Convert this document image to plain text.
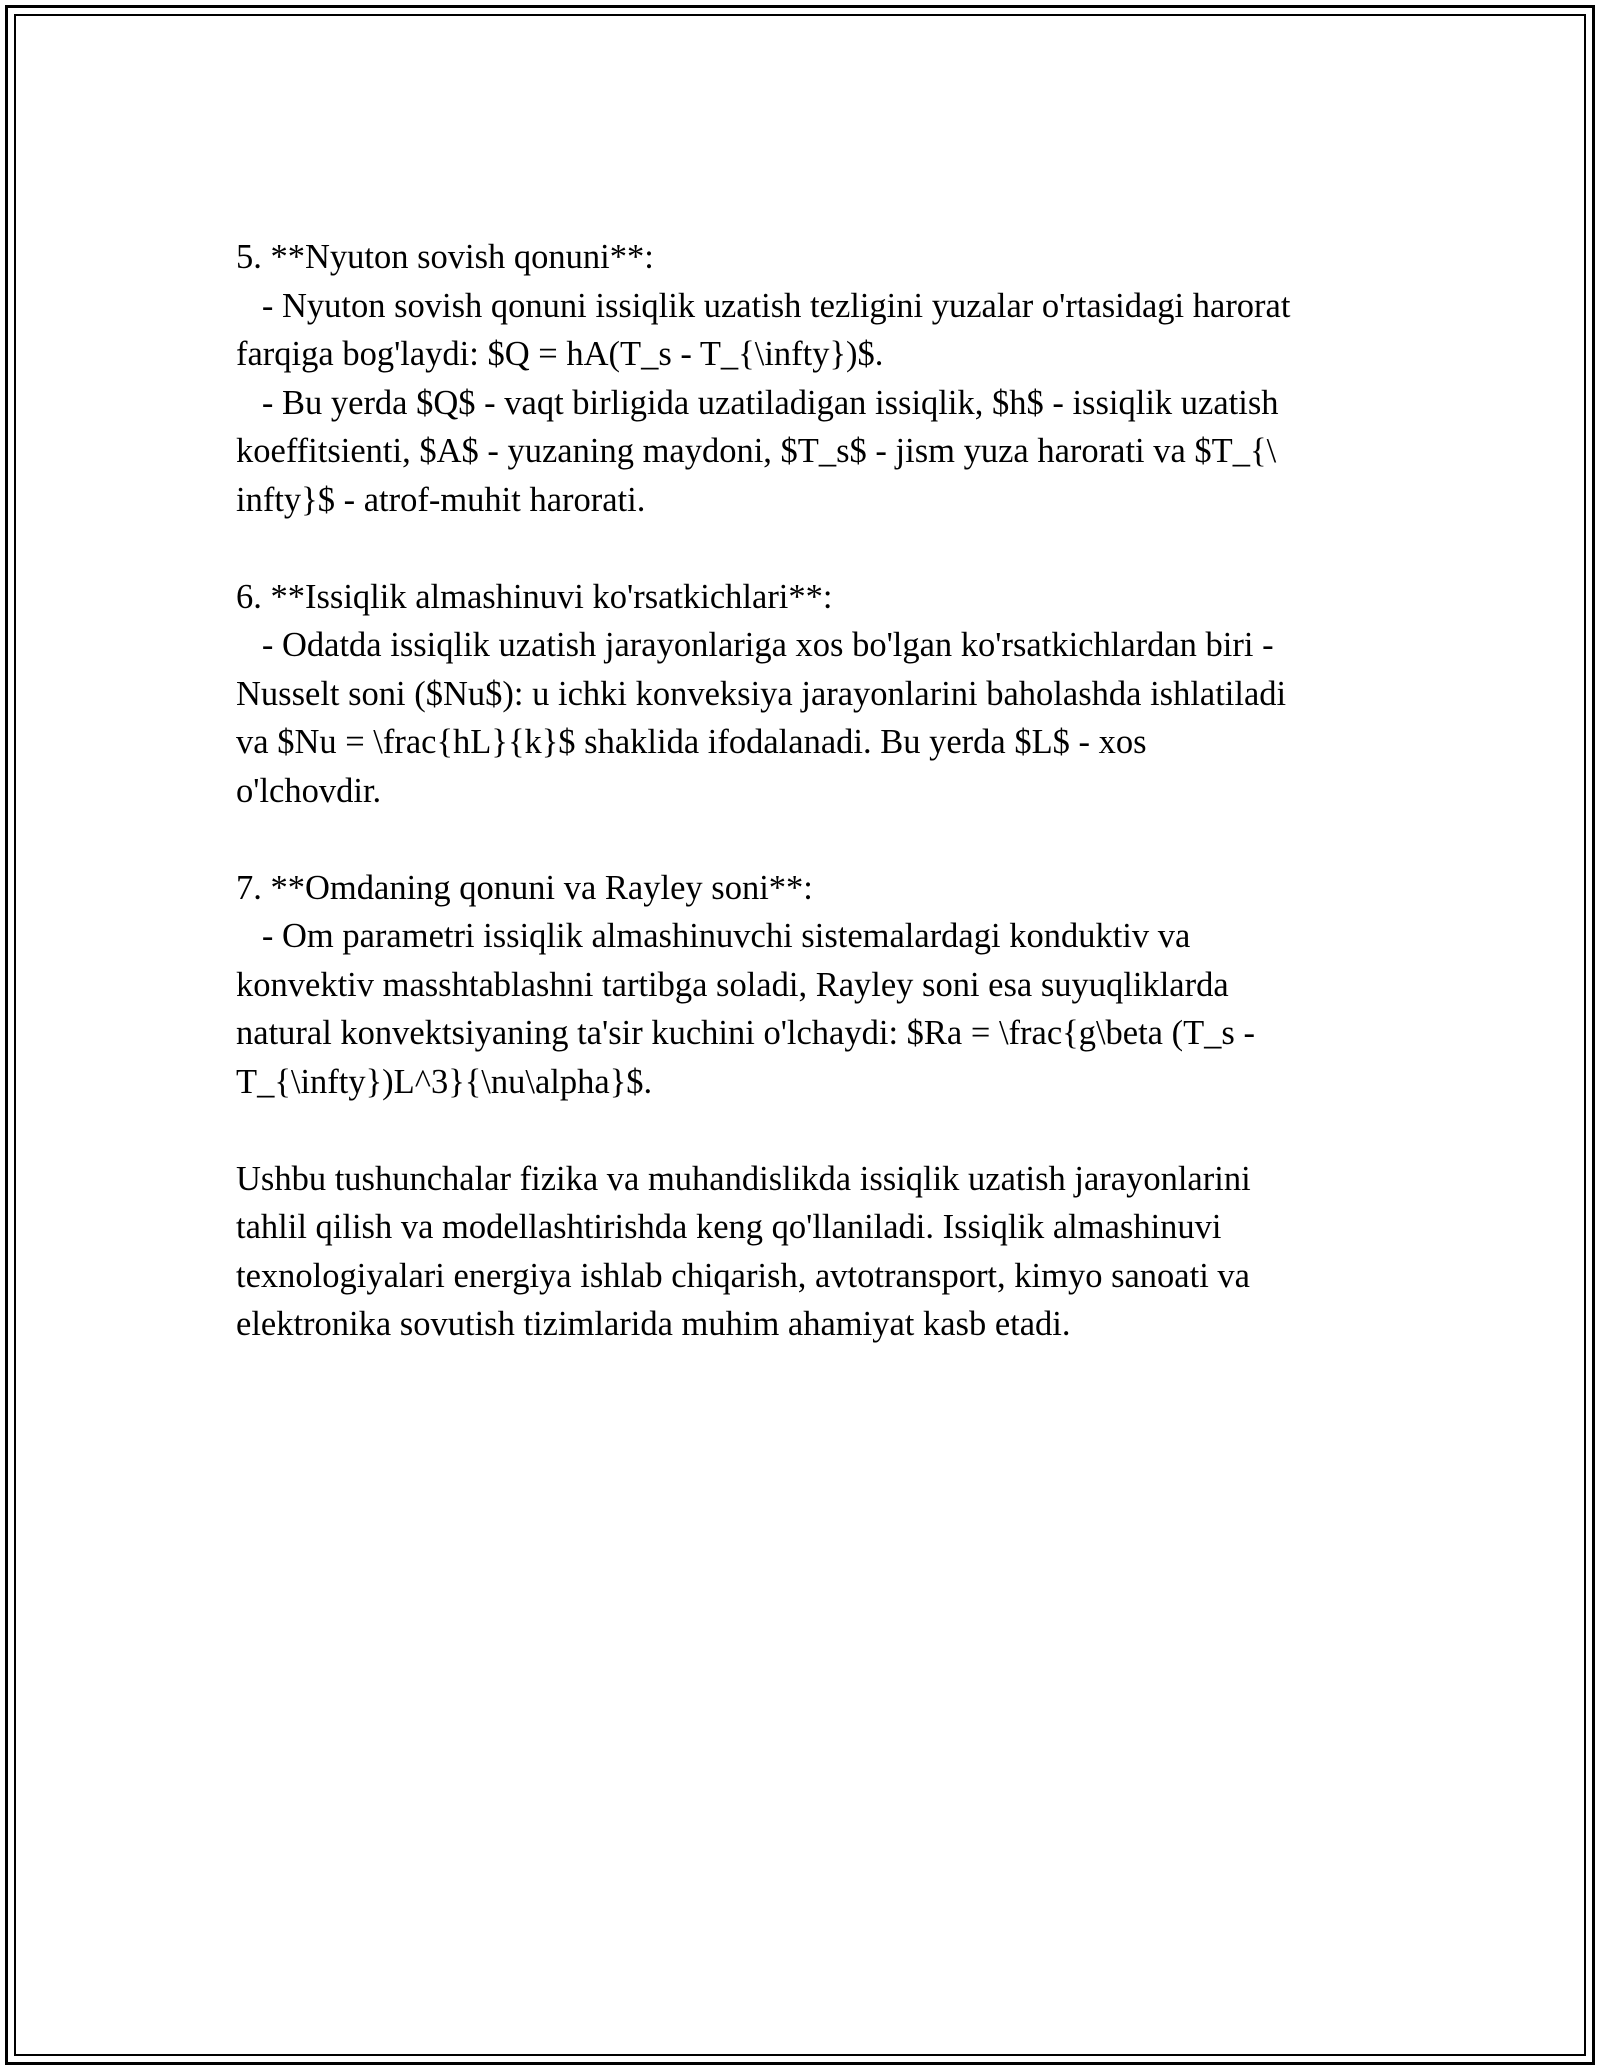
5. **Nyuton sovish qonuni**:
- Nyuton sovish qonuni issiqlik uzatish tezligini yuzalar o'rtasidagi harorat
farqiga bog'laydi: $Q = hA(T_s - T_{\infty})$.
- Bu yerda $Q$ - vaqt birligida uzatiladigan issiqlik, $h$ - issiqlik uzatish
koeffitsienti, $A$ - yuzaning maydoni, $T_s$ - jism yuza harorati va $T_{\
infty}$ - atrof-muhit harorati.
6. **Issiqlik almashinuvi ko'rsatkichlari**:
- Odatda issiqlik uzatish jarayonlariga xos bo'lgan ko'rsatkichlardan biri -
Nusselt soni ($Nu$): u ichki konveksiya jarayonlarini baholashda ishlatiladi
va $Nu = \frac{hL}{k}$ shaklida ifodalanadi. Bu yerda $L$ - xos
o'lchovdir.
7. **Omdaning qonuni va Rayley soni**:
- Om parametri issiqlik almashinuvchi sistemalardagi konduktiv va
konvektiv masshtablashni tartibga soladi, Rayley soni esa suyuqliklarda
natural konvektsiyaning ta'sir kuchini o'lchaydi: $Ra = \frac{g\beta (T_s -
T_{\infty})L^3}{\nu\alpha}$.
Ushbu tushunchalar fizika va muhandislikda issiqlik uzatish jarayonlarini
tahlil qilish va modellashtirishda keng qo'llaniladi. Issiqlik almashinuvi
texnologiyalari energiya ishlab chiqarish, avtotransport, kimyo sanoati va
elektronika sovutish tizimlarida muhim ahamiyat kasb etadi.
